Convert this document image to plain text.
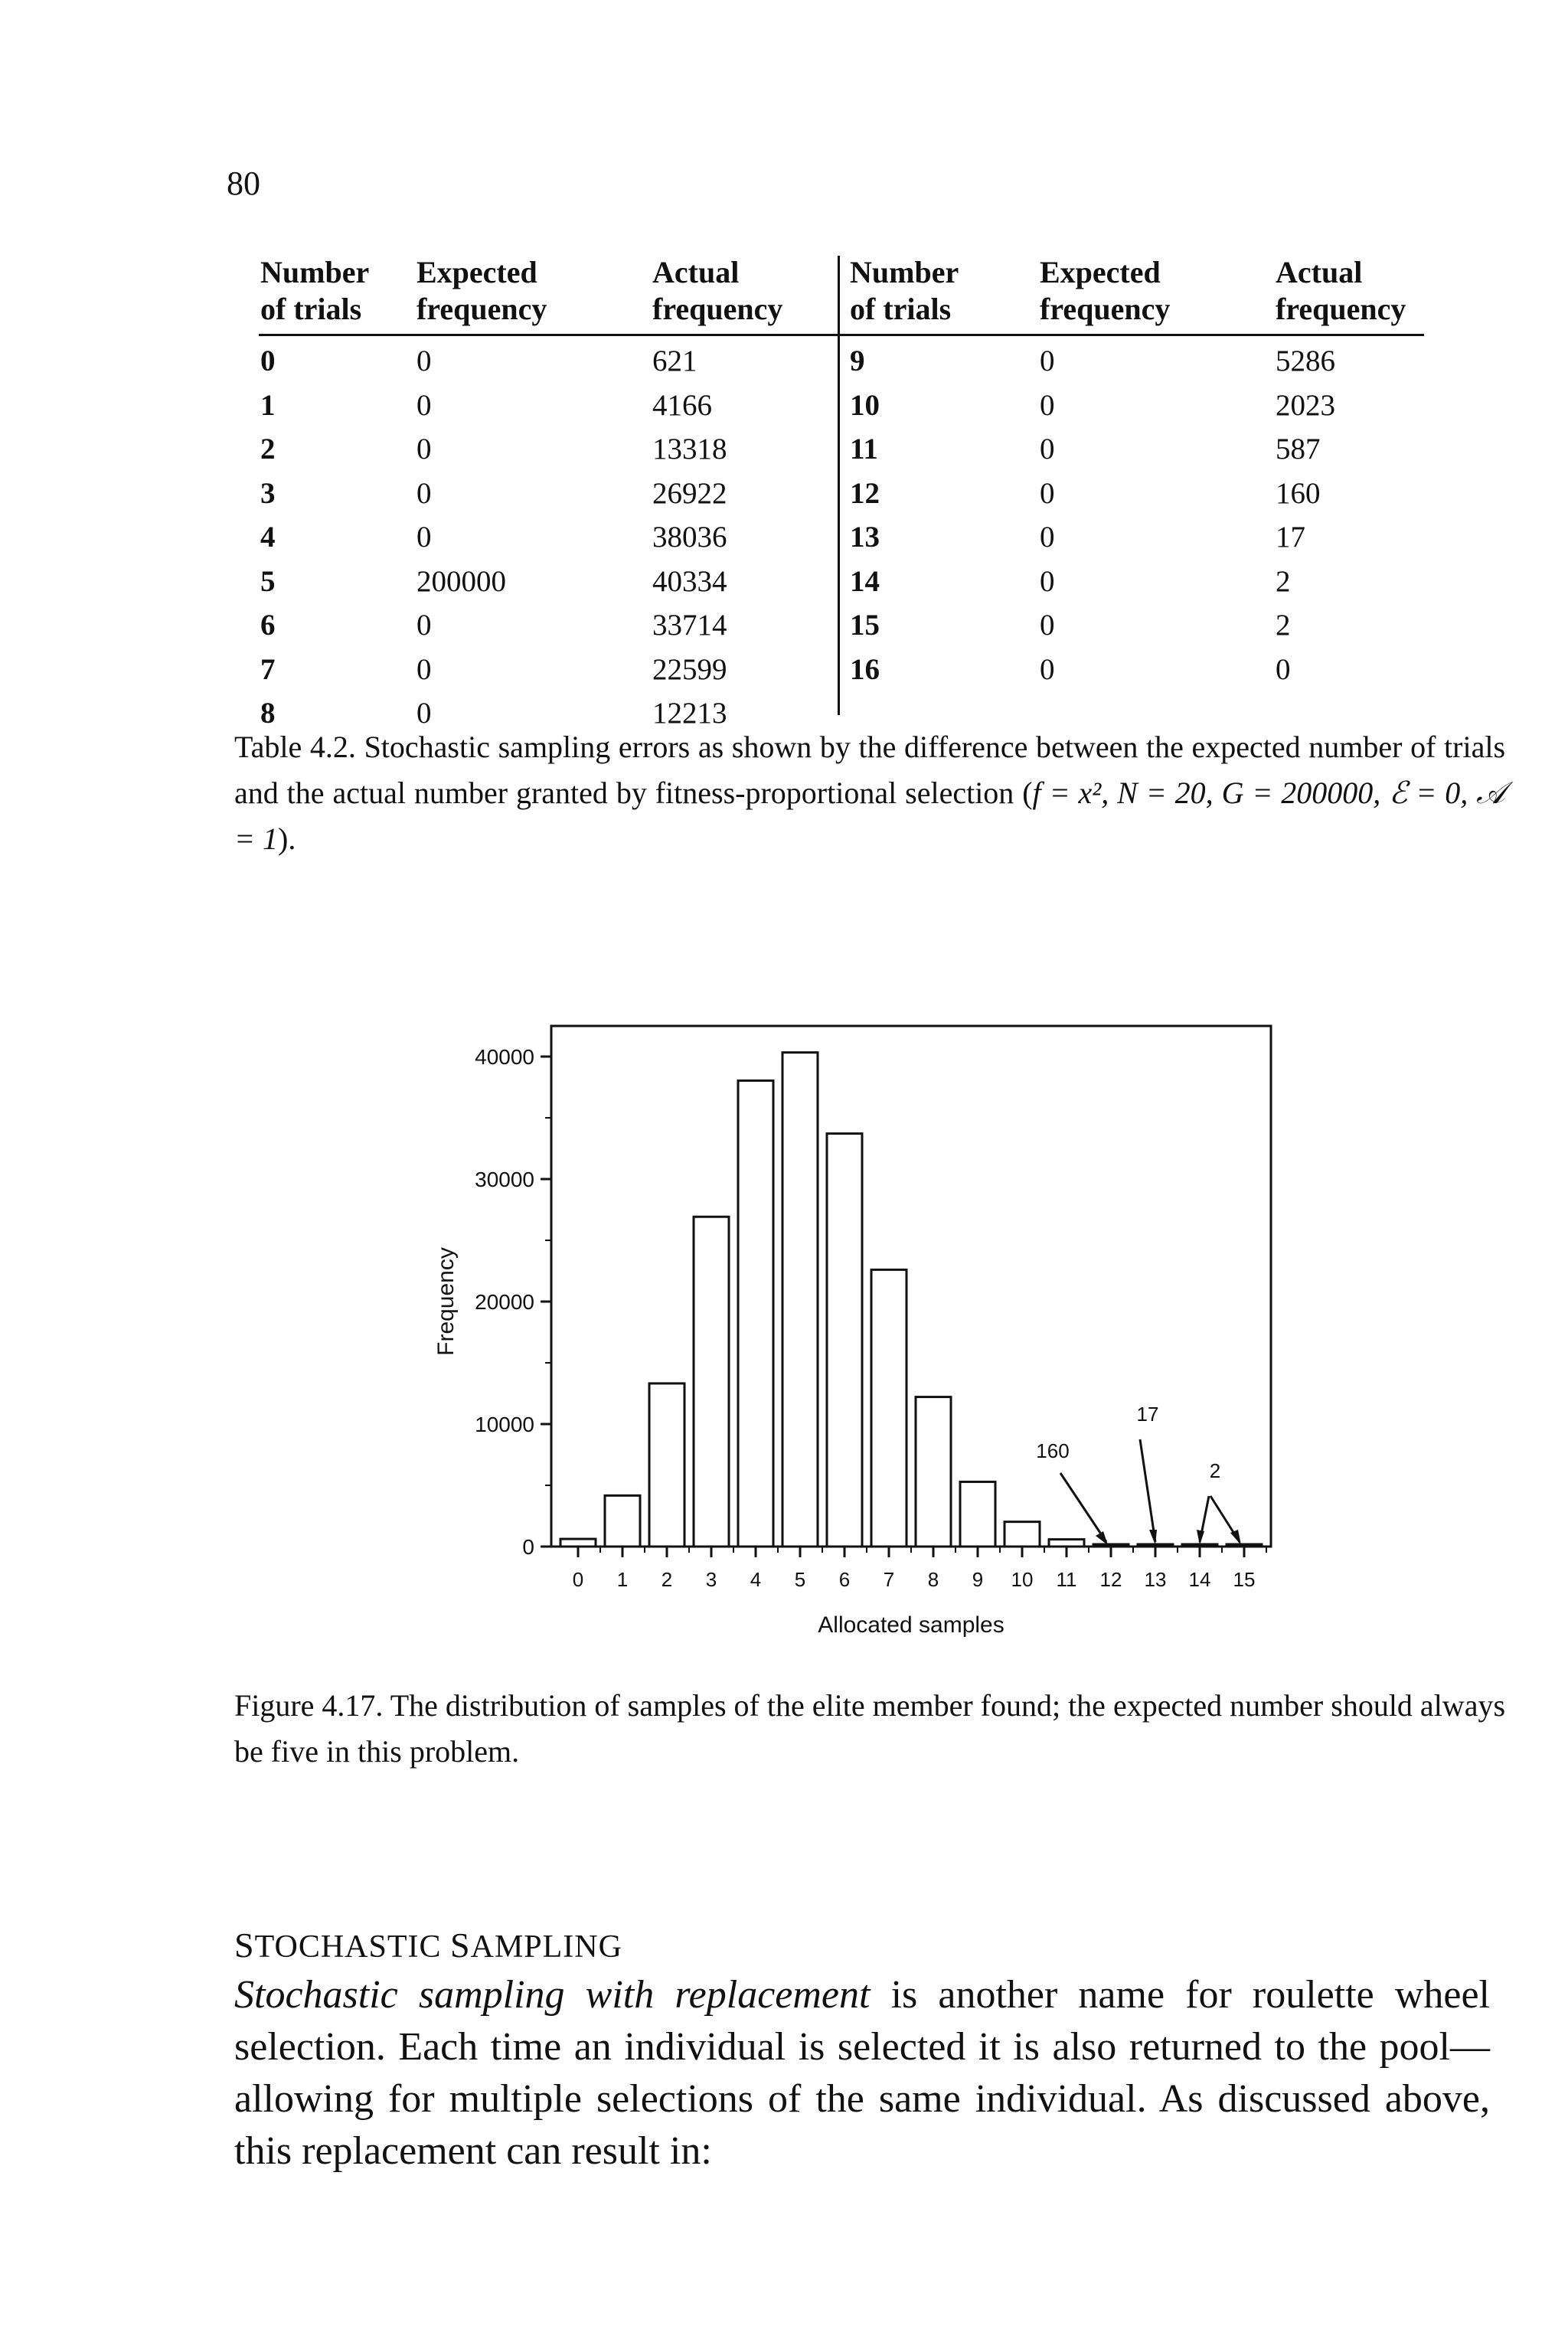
80
Number
of trials
Expected
frequency
Actual
frequency
0	0	621
1	0	4166
2	0	13318
3	0	26922
4	0	38036
5	200000	40334
6	0	33714
7	0	22599
8	0	12213
Number
of trials
Expected
frequency
Actual
frequency
9	0	5286
10	0	2023
11	0	587
12	0	160
13	0	17
14	0	2
15	0	2
16	0	0
Table 4.2. Stochastic sampling errors as shown by the difference between the expected number of trials and the actual number granted by fitness-proportional selection (f = x², N = 20, G = 200000, ℰ = 0, 𝒜 = 1).
0
10000
20000
30000
40000
Frequency
0 1 2 3 4 5 6 7 8 9 10 11 12 13 14 15
Allocated samples
160
17
2
Figure 4.17. The distribution of samples of the elite member found; the expected number should always be five in this problem.
STOCHASTIC SAMPLING
Stochastic sampling with replacement is another name for roulette wheel selection. Each time an individual is selected it is also returned to the pool—allowing for multiple selections of the same individual. As discussed above, this replacement can result in:
